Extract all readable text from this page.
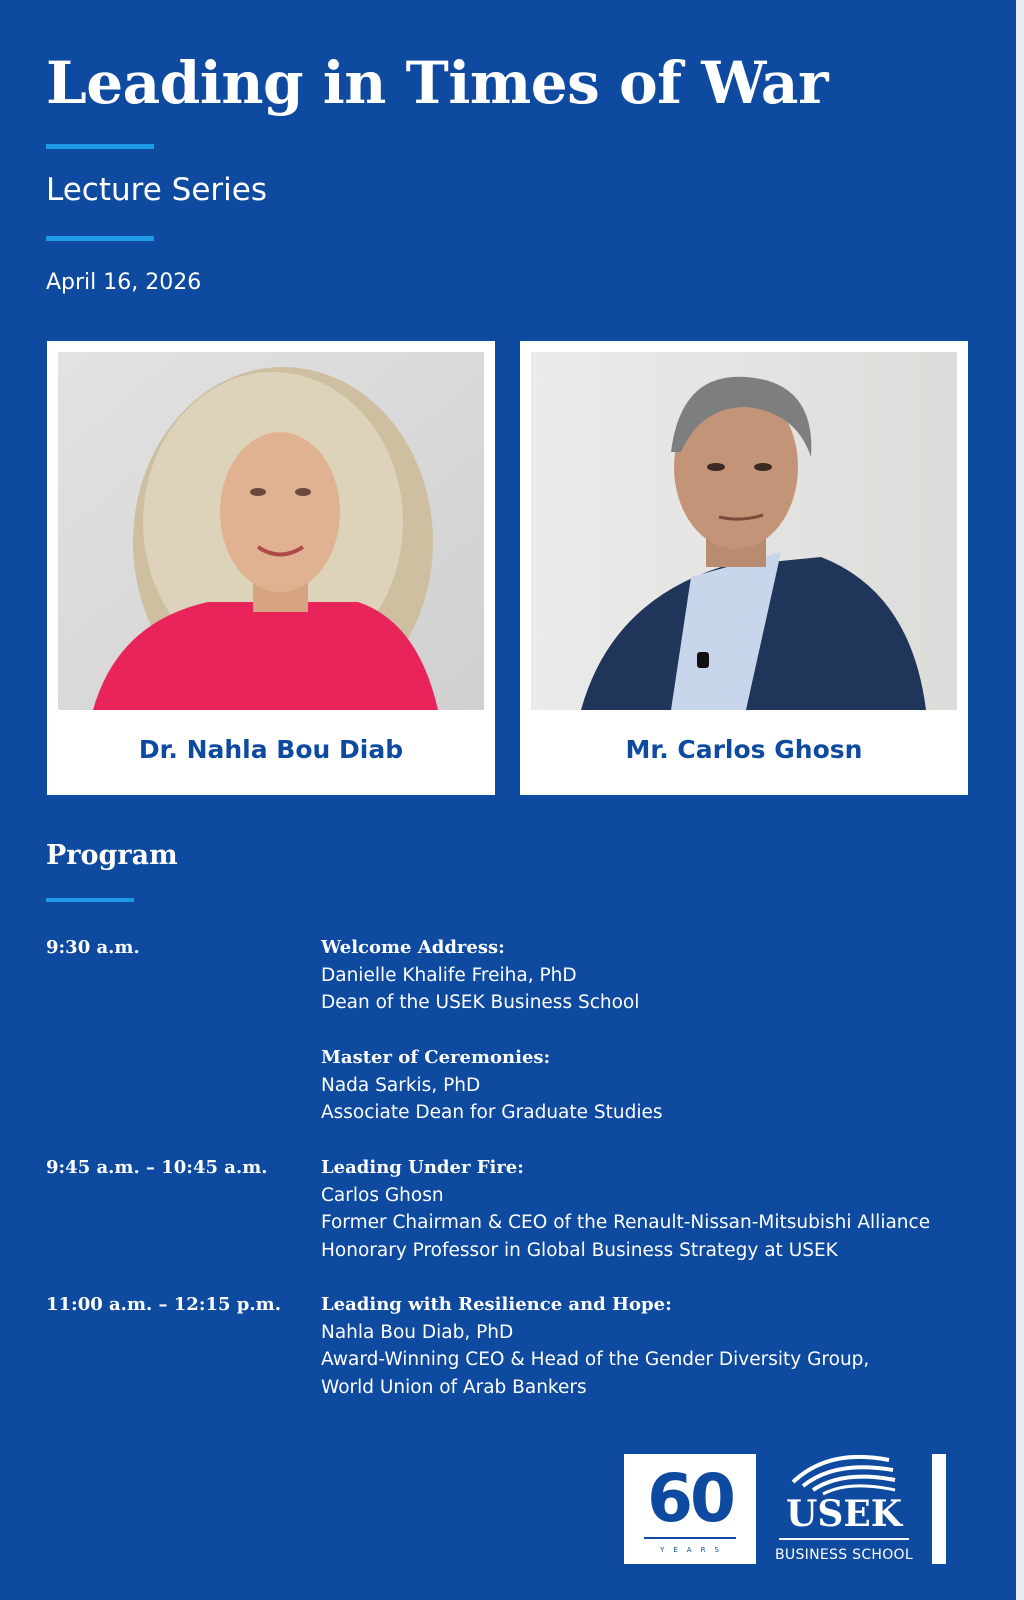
Leading in Times of War
Lecture Series
April 16, 2026
Dr. Nahla Bou Diab	Mr. Carlos Ghosn
Program
9:30 a.m.	Welcome Address:
Danielle Khalife Freiha, PhD
Dean of the USEK Business School
Master of Ceremonies:
Nada Sarkis, PhD
Associate Dean for Graduate Studies
9:45 a.m. – 10:45 a.m.	Leading Under Fire:
Carlos Ghosn
Former Chairman & CEO of the Renault-Nissan-Mitsubishi Alliance
Honorary Professor in Global Business Strategy at USEK
11:00 a.m. – 12:15 p.m. Leading with Resilience and Hope:
Nahla Bou Diab, PhD
Award-Winning CEO & Head of the Gender Diversity Group,
World Union of Arab Bankers
60
YEARS
USEK
BUSINESS SCHOOL
